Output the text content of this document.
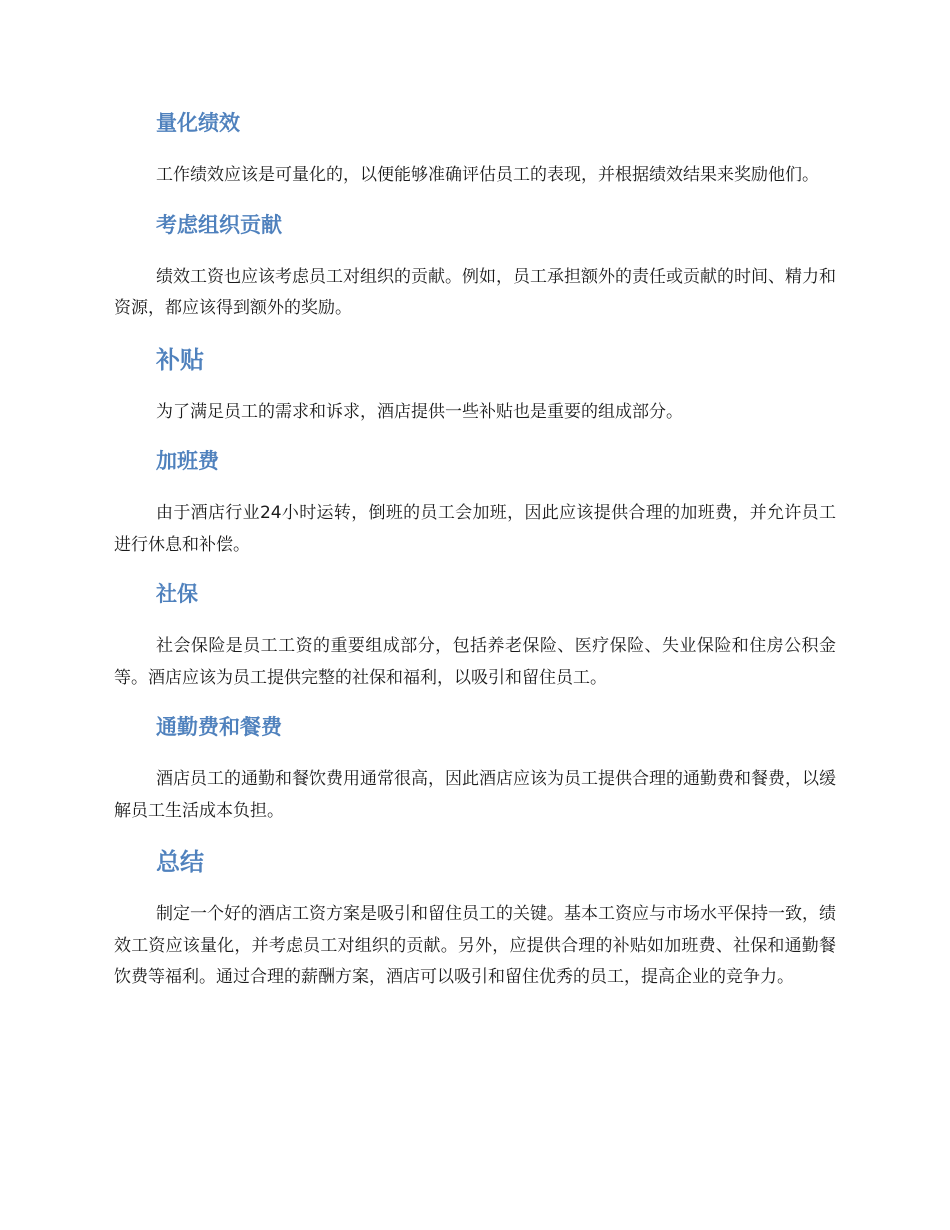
量化绩效

工作绩效应该是可量化的，以便能够准确评估员工的表现，并根据绩效结果来奖励他们。

考虑组织贡献

绩效工资也应该考虑员工对组织的贡献。例如，员工承担额外的责任或贡献的时间、精力和资源，都应该得到额外的奖励。

补贴

为了满足员工的需求和诉求，酒店提供一些补贴也是重要的组成部分。

加班费

由于酒店行业24小时运转，倒班的员工会加班，因此应该提供合理的加班费，并允许员工进行休息和补偿。

社保

社会保险是员工工资的重要组成部分，包括养老保险、医疗保险、失业保险和住房公积金等。酒店应该为员工提供完整的社保和福利，以吸引和留住员工。

通勤费和餐费

酒店员工的通勤和餐饮费用通常很高，因此酒店应该为员工提供合理的通勤费和餐费，以缓解员工生活成本负担。

总结

制定一个好的酒店工资方案是吸引和留住员工的关键。基本工资应与市场水平保持一致，绩效工资应该量化，并考虑员工对组织的贡献。另外，应提供合理的补贴如加班费、社保和通勤餐饮费等福利。通过合理的薪酬方案，酒店可以吸引和留住优秀的员工，提高企业的竞争力。
